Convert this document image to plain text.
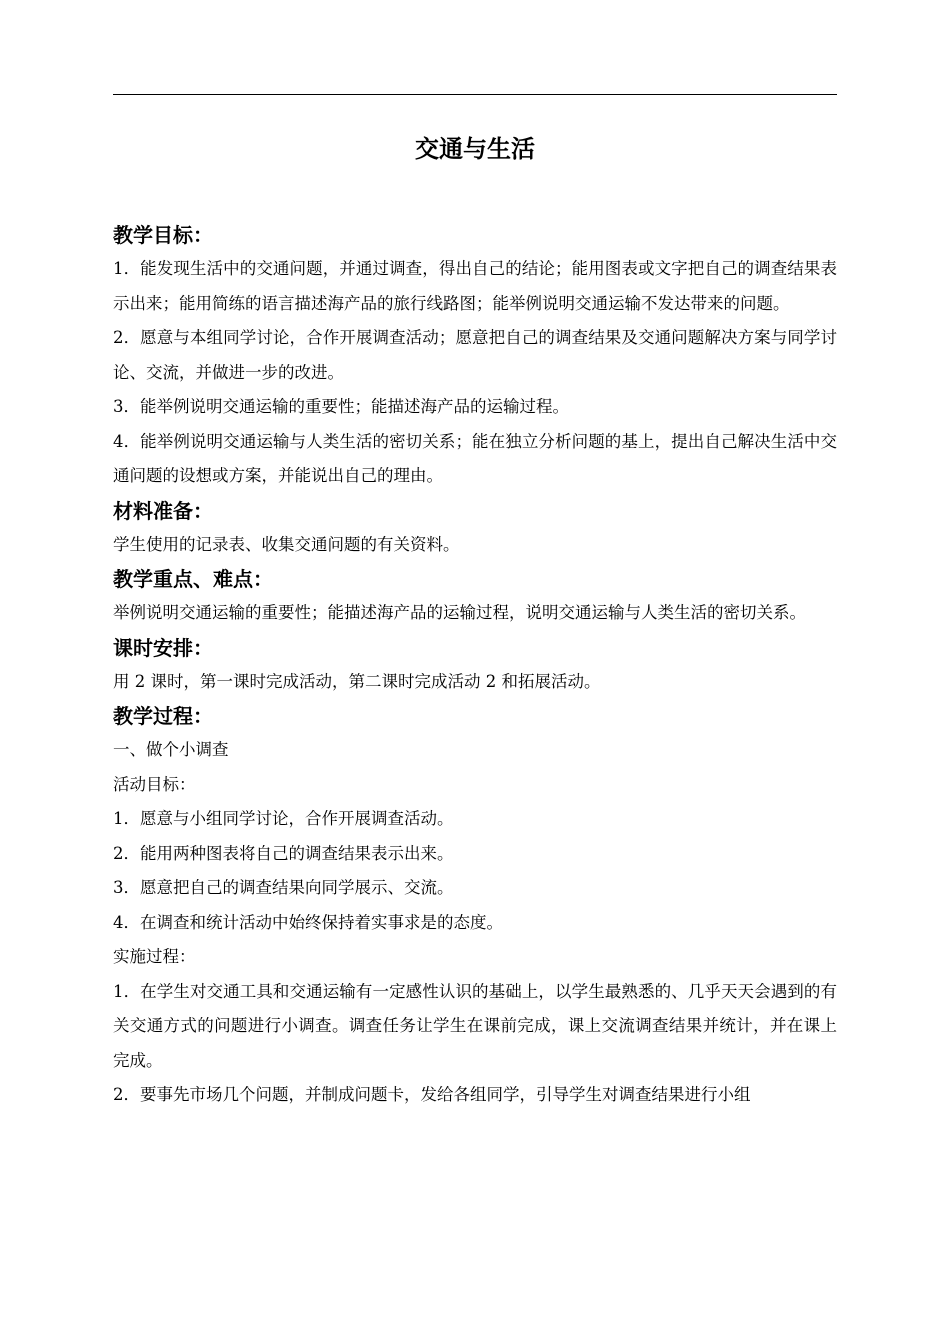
交通与生活

教学目标：

1．能发现生活中的交通问题，并通过调查，得出自己的结论；能用图表或文字把自己的调查结果表示出来；能用简练的语言描述海产品的旅行线路图；能举例说明交通运输不发达带来的问题。

2．愿意与本组同学讨论，合作开展调查活动；愿意把自己的调查结果及交通问题解决方案与同学讨论、交流，并做进一步的改进。

3．能举例说明交通运输的重要性；能描述海产品的运输过程。

4．能举例说明交通运输与人类生活的密切关系；能在独立分析问题的基上，提出自己解决生活中交通问题的设想或方案，并能说出自己的理由。

材料准备：

学生使用的记录表、收集交通问题的有关资料。

教学重点、难点：

举例说明交通运输的重要性；能描述海产品的运输过程，说明交通运输与人类生活的密切关系。

课时安排：

用 2 课时，第一课时完成活动，第二课时完成活动 2 和拓展活动。

教学过程：

一、做个小调查

活动目标：

1．愿意与小组同学讨论，合作开展调查活动。

2．能用两种图表将自己的调查结果表示出来。

3．愿意把自己的调查结果向同学展示、交流。

4．在调查和统计活动中始终保持着实事求是的态度。

实施过程：

1．在学生对交通工具和交通运输有一定感性认识的基础上，以学生最熟悉的、几乎天天会遇到的有关交通方式的问题进行小调查。调查任务让学生在课前完成，课上交流调查结果并统计，并在课上完成。

2．要事先市场几个问题，并制成问题卡，发给各组同学，引导学生对调查结果进行小组
